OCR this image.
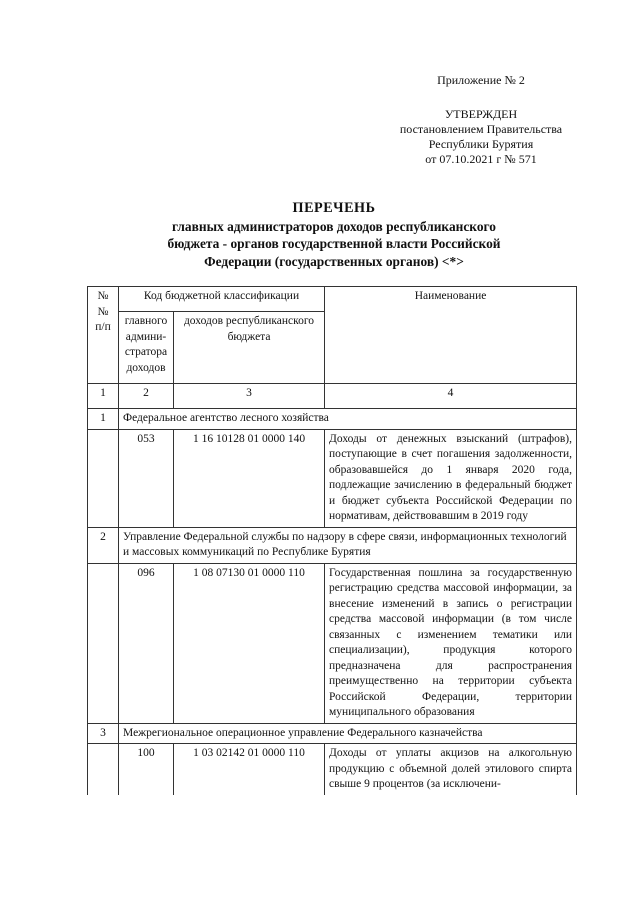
Приложение № 2
УТВЕРЖДЕН
постановлением Правительства
Республики Бурятия
от 07.10.2021 г № 571
ПЕРЕЧЕНЬ
главных администраторов доходов республиканского
бюджета - органов государственной власти Российской
Федерации (государственных органов) <*>
№ № п/п	Код бюджетной классификации		Наименование
	главного админи- стратора доходов	доходов республиканского бюджета	
1	2	3	4
1	Федеральное агентство лесного хозяйства		
	053	1 16 10128 01 0000 140	Доходы от денежных взысканий (штрафов), поступающие в счет погашения задолженности, образовавшейся до 1 января 2020 года, подлежащие зачислению в федеральный бюджет и бюджет субъекта Российской Федерации по нормативам, действовавшим в 2019 году
2	Управление Федеральной службы по надзору в сфере связи, информационных технологий и массовых коммуникаций по Республике Бурятия		
	096	1 08 07130 01 0000 110	Государственная пошлина за государственную регистрацию средства массовой информации, за внесение изменений в запись о регистрации средства массовой информации (в том числе связанных с изменением тематики или специализации), продукция которого предназначена для распространения преимущественно на территории субъекта Российской Федерации, территории муниципального образования
3	Межрегиональное операционное управление Федерального казначейства		
	100	1 03 02142 01 0000 110	Доходы от уплаты акцизов на алкогольную продукцию с объемной долей этилового спирта свыше 9 процентов (за исключени-
